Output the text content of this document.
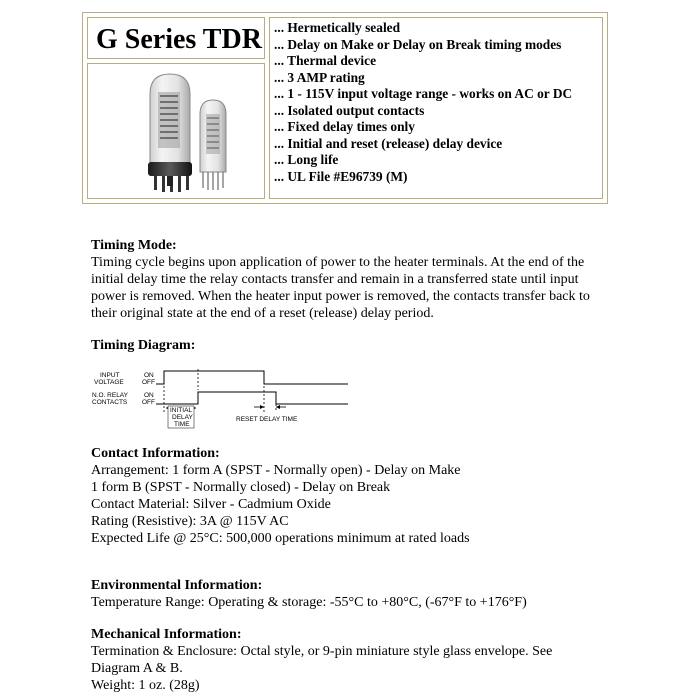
G Series TDR ... Hermetically sealed
... Delay on Make or Delay on Break timing modes
... Thermal device
... 3 AMP rating
... 1 - 115V input voltage range - works on AC or DC
... Isolated output contacts
... Fixed delay times only
... Initial and reset (release) delay device
... Long life
... UL File #E96739 (M)

Timing Mode:

Timing cycle begins upon application of power to the heater terminals. At the end of the

initial delay time the relay contacts transfer and remain in a transferred state until input

power is removed. When the heater input power is removed, the contacts transfer back to

their original state at the end of a reset (release) delay period.

Timing Diagram:

INPUT
VOLTAGE
ON
OFF
N.O. RELAY
CONTACTS
ON
OFF
INITIAL
DELAY
TIME
RESET DELAY TIME

Contact Information:

Arrangement: 1 form A (SPST - Normally open) - Delay on Make

1 form B (SPST - Normally closed) - Delay on Break

Contact Material: Silver - Cadmium Oxide

Rating (Resistive): 3A @ 115V AC

Expected Life @ 25°C: 500,000 operations minimum at rated loads

Environmental Information:

Temperature Range: Operating & storage: -55°C to +80°C, (-67°F to +176°F)

Mechanical Information:

Termination & Enclosure: Octal style, or 9-pin miniature style glass envelope. See

Diagram A & B.

Weight: 1 oz. (28g)
